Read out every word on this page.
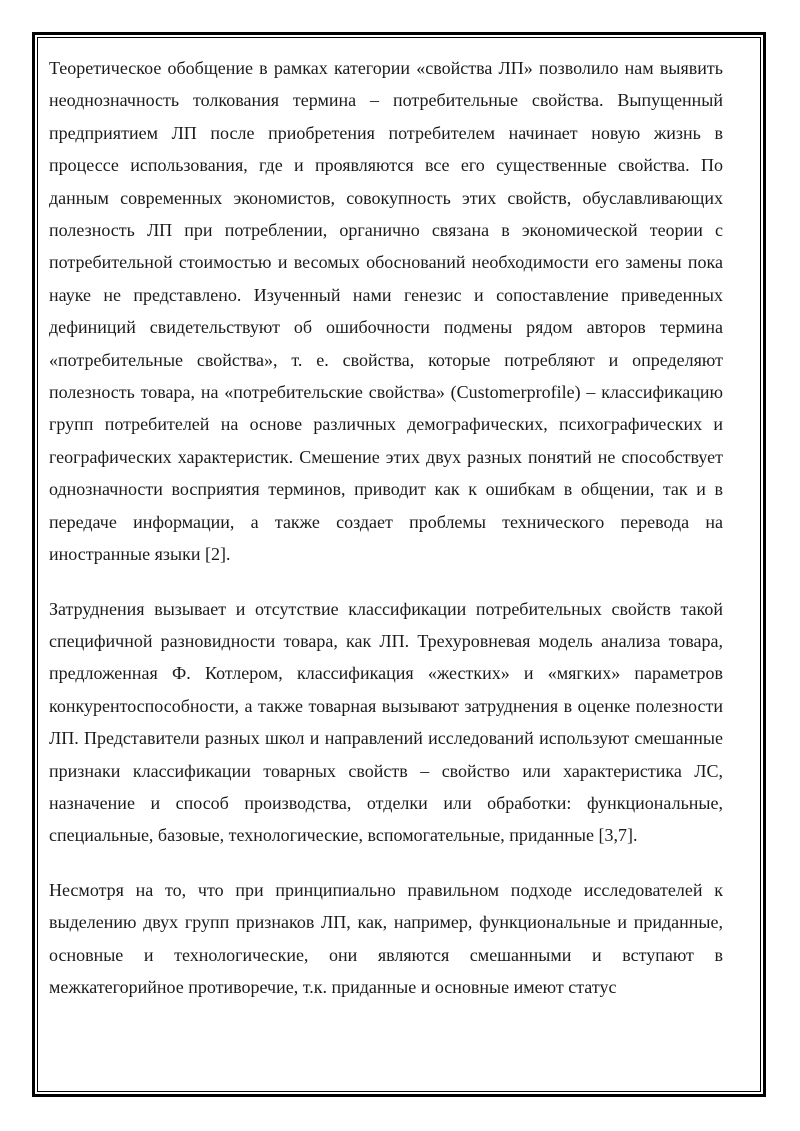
Теоретическое обобщение в рамках категории «свойства ЛП» позволило нам выявить неоднозначность толкования термина – потребительные свойства. Выпущенный предприятием ЛП после приобретения потребителем начинает новую жизнь в процессе использования, где и проявляются все его существенные свойства. По данным современных экономистов, совокупность этих свойств, обуславливающих полезность ЛП при потреблении, органично связана в экономической теории с потребительной стоимостью и весомых обоснований необходимости его замены пока науке не представлено. Изученный нами генезис и сопоставление приведенных дефиниций свидетельствуют об ошибочности подмены рядом авторов термина «потребительные свойства», т. е. свойства, которые потребляют и определяют полезность товара, на «потребительские свойства» (Customerprofile) – классификацию групп потребителей на основе различных демографических, психографических и географических характеристик. Смешение этих двух разных понятий не способствует однозначности восприятия терминов, приводит как к ошибкам в общении, так и в передаче информации, а также создает проблемы технического перевода на иностранные языки [2].

Затруднения вызывает и отсутствие классификации потребительных свойств такой специфичной разновидности товара, как ЛП. Трехуровневая модель анализа товара, предложенная Ф. Котлером, классификация «жестких» и «мягких» параметров конкурентоспособности, а также товарная вызывают затруднения в оценке полезности ЛП. Представители разных школ и направлений исследований используют смешанные признаки классификации товарных свойств – свойство или характеристика ЛС, назначение и способ производства, отделки или обработки: функциональные, специальные, базовые, технологические, вспомогательные, приданные [3,7].

Несмотря на то, что при принципиально правильном подходе исследователей к выделению двух групп признаков ЛП, как, например, функциональные и приданные, основные и технологические, они являются смешанными и вступают в межкатегорийное противоречие, т.к. приданные и основные имеют статус
